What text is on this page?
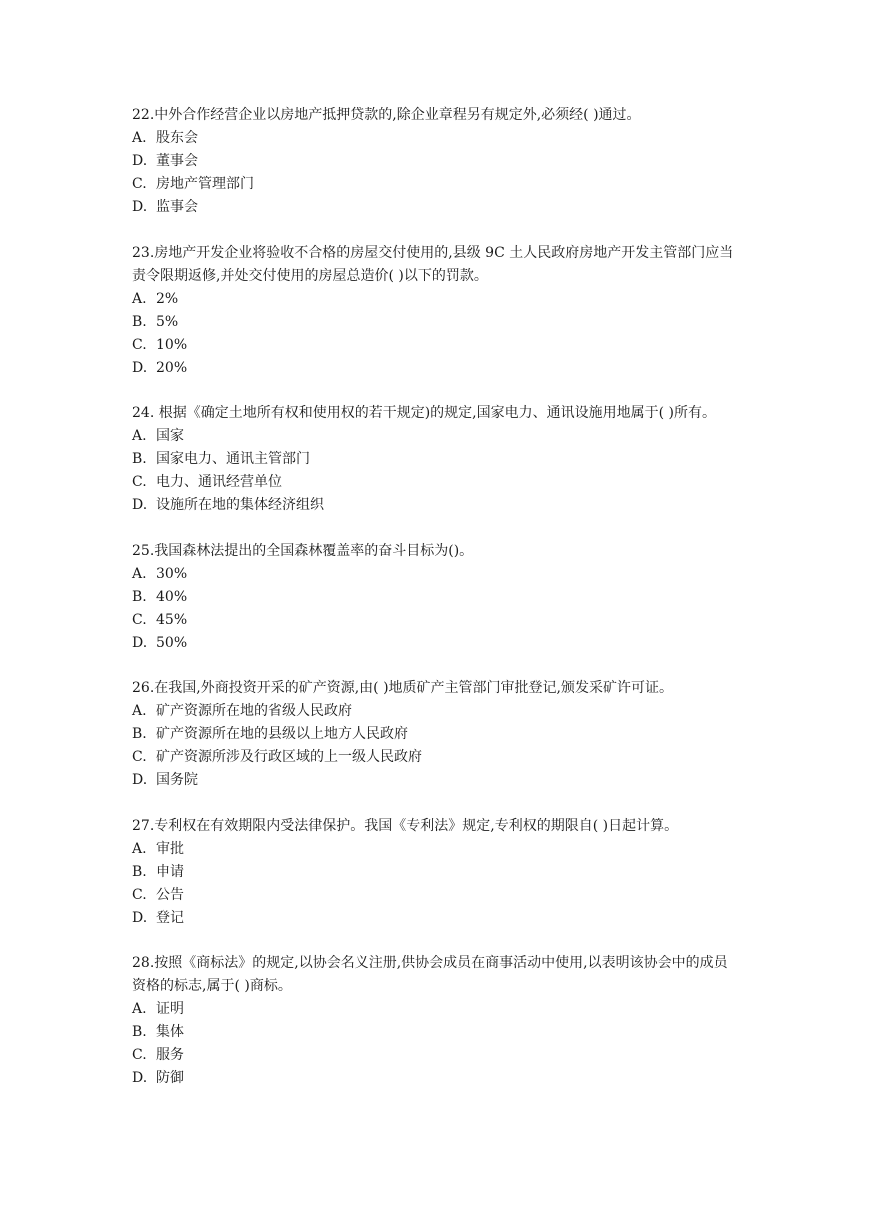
22.中外合作经营企业以房地产抵押贷款的,除企业章程另有规定外,必须经( )通过。

A. 股东会
D. 董事会
C. 房地产管理部门
D. 监事会

23.房地产开发企业将验收不合格的房屋交付使用的,县级 9C 土人民政府房地产开发主管部门应当责令限期返修,并处交付使用的房屋总造价( )以下的罚款。

A. 2%
B. 5%
C. 10%
D. 20%

24. 根据《确定土地所有权和使用权的若干规定)的规定,国家电力、通讯设施用地属于( )所有。

A. 国家
B. 国家电力、通讯主管部门
C. 电力、通讯经营单位
D. 设施所在地的集体经济组织

25.我国森林法提出的全国森林覆盖率的奋斗目标为()。

A. 30%
B. 40%
C. 45%
D. 50%

26.在我国,外商投资开采的矿产资源,由( )地质矿产主管部门审批登记,颁发采矿许可证。

A. 矿产资源所在地的省级人民政府
B. 矿产资源所在地的县级以上地方人民政府
C. 矿产资源所涉及行政区域的上一级人民政府
D. 国务院

27.专利权在有效期限内受法律保护。我国《专利法》规定,专利权的期限自( )日起计算。

A. 审批
B. 申请
C. 公告
D. 登记

28.按照《商标法》的规定,以协会名义注册,供协会成员在商事活动中使用,以表明该协会中的成员资格的标志,属于( )商标。

A. 证明
B. 集体
C. 服务
D. 防御
